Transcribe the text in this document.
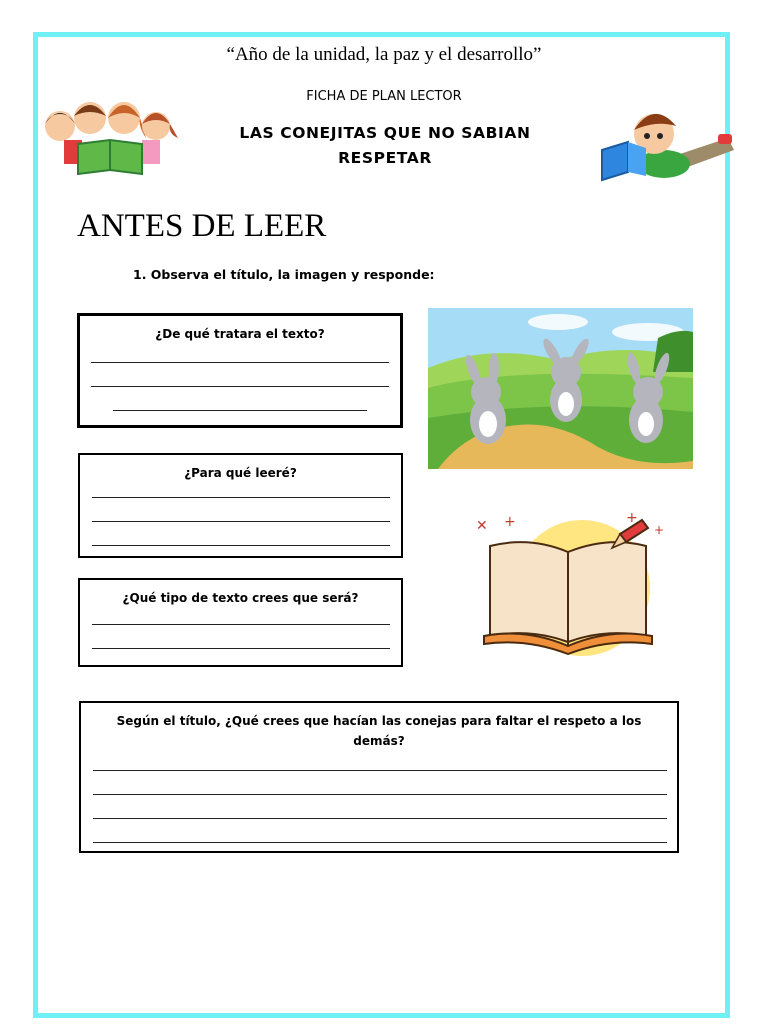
“Año de la unidad, la paz y el desarrollo”
FICHA DE PLAN LECTOR
LAS CONEJITAS QUE NO SABIAN RESPETAR
ANTES DE LEER
1. Observa el título, la imagen y responde:
¿De qué tratara el texto?
¿Para qué leeré?
¿Qué tipo de texto crees que será?
Según el título, ¿Qué crees que hacían las conejas para faltar el respeto a los demás?
✕ +	+
+
